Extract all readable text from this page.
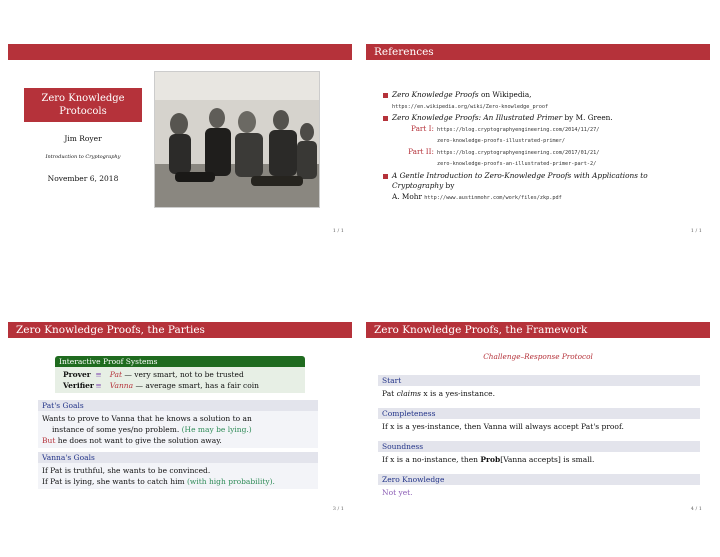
Zero Knowledge Protocols
Jim Royer
Introduction to Cryptography
November 6, 2018
1 / 1
References
Zero Knowledge Proofs on Wikipedia,
https://en.wikipedia.org/wiki/Zero-knowledge_proof
Zero Knowledge Proofs: An Illustrated Primer by M. Green.

Part I: https://blog.cryptographyengineering.com/2014/11/27/
zero-knowledge-proofs-illustrated-primer/
Part II: https://blog.cryptographyengineering.com/2017/01/21/
zero-knowledge-proofs-an-illustrated-primer-part-2/
A Gentle Introduction to Zero-Knowledge Proofs with Applications to Cryptography by
A. Mohr http://www.austinmohr.com/work/files/zkp.pdf
1 / 1
Zero Knowledge Proofs, the Parties
Interactive Proof Systems
Prover ≡ Pat — very smart, not to be trusted
Verifier ≡ Vanna — average smart, has a fair coin
Pat's Goals
Wants to prove to Vanna that he knows a solution to an
instance of some yes/no problem. (He may be lying.)
But he does not want to give the solution away.
Vanna's Goals
If Pat is truthful, she wants to be convinced.
If Pat is lying, she wants to catch him (with high probability).
3 / 1
Zero Knowledge Proofs, the Framework
Challenge–Response Protocol
Start
Pat claims x is a yes-instance.
Completeness
If x is a yes-instance, then Vanna will always accept Pat's proof.
Soundness
If x is a no-instance, then Prob[Vanna accepts] is small.
Zero Knowledge
Not yet.
4 / 1
